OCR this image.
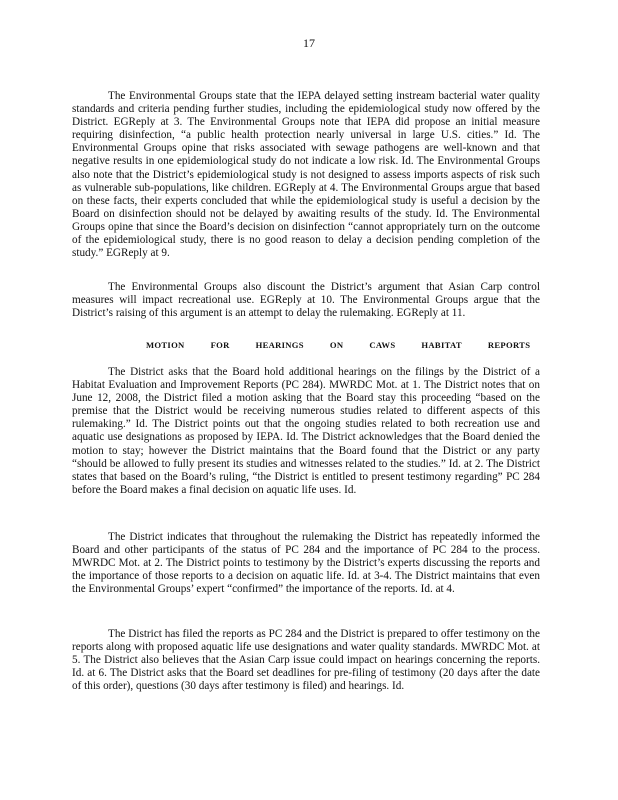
17

The Environmental Groups state that the IEPA delayed setting instream bacterial water quality standards and criteria pending further studies, including the epidemiological study now offered by the District. EGReply at 3. The Environmental Groups note that IEPA did propose an initial measure requiring disinfection, “a public health protection nearly universal in large U.S. cities.” Id. The Environmental Groups opine that risks associated with sewage pathogens are well-known and that negative results in one epidemiological study do not indicate a low risk. Id. The Environmental Groups also note that the District’s epidemiological study is not designed to assess imports aspects of risk such as vulnerable sub-populations, like children. EGReply at 4. The Environmental Groups argue that based on these facts, their experts concluded that while the epidemiological study is useful a decision by the Board on disinfection should not be delayed by awaiting results of the study. Id. The Environmental Groups opine that since the Board’s decision on disinfection “cannot appropriately turn on the outcome of the epidemiological study, there is no good reason to delay a decision pending completion of the study.” EGReply at 9.

The Environmental Groups also discount the District’s argument that Asian Carp control measures will impact recreational use. EGReply at 10. The Environmental Groups argue that the District’s raising of this argument is an attempt to delay the rulemaking. EGReply at 11.

MOTION	FOR	HEARINGS	ON	CAWS	HABITAT	REPORTS

The District asks that the Board hold additional hearings on the filings by the District of a Habitat Evaluation and Improvement Reports (PC 284). MWRDC Mot. at 1. The District notes that on June 12, 2008, the District filed a motion asking that the Board stay this proceeding “based on the premise that the District would be receiving numerous studies related to different aspects of this rulemaking.” Id. The District points out that the ongoing studies related to both recreation use and aquatic use designations as proposed by IEPA. Id. The District acknowledges that the Board denied the motion to stay; however the District maintains that the Board found that the District or any party “should be allowed to fully present its studies and witnesses related to the studies.” Id. at 2. The District states that based on the Board’s ruling, “the District is entitled to present testimony regarding” PC 284 before the Board makes a final decision on aquatic life uses. Id.

The District indicates that throughout the rulemaking the District has repeatedly informed the Board and other participants of the status of PC 284 and the importance of PC 284 to the process. MWRDC Mot. at 2. The District points to testimony by the District’s experts discussing the reports and the importance of those reports to a decision on aquatic life. Id. at 3-4. The District maintains that even the Environmental Groups’ expert “confirmed” the importance of the reports. Id. at 4.

The District has filed the reports as PC 284 and the District is prepared to offer testimony on the reports along with proposed aquatic life use designations and water quality standards. MWRDC Mot. at 5. The District also believes that the Asian Carp issue could impact on hearings concerning the reports. Id. at 6. The District asks that the Board set deadlines for pre-filing of testimony (20 days after the date of this order), questions (30 days after testimony is filed) and hearings. Id.
